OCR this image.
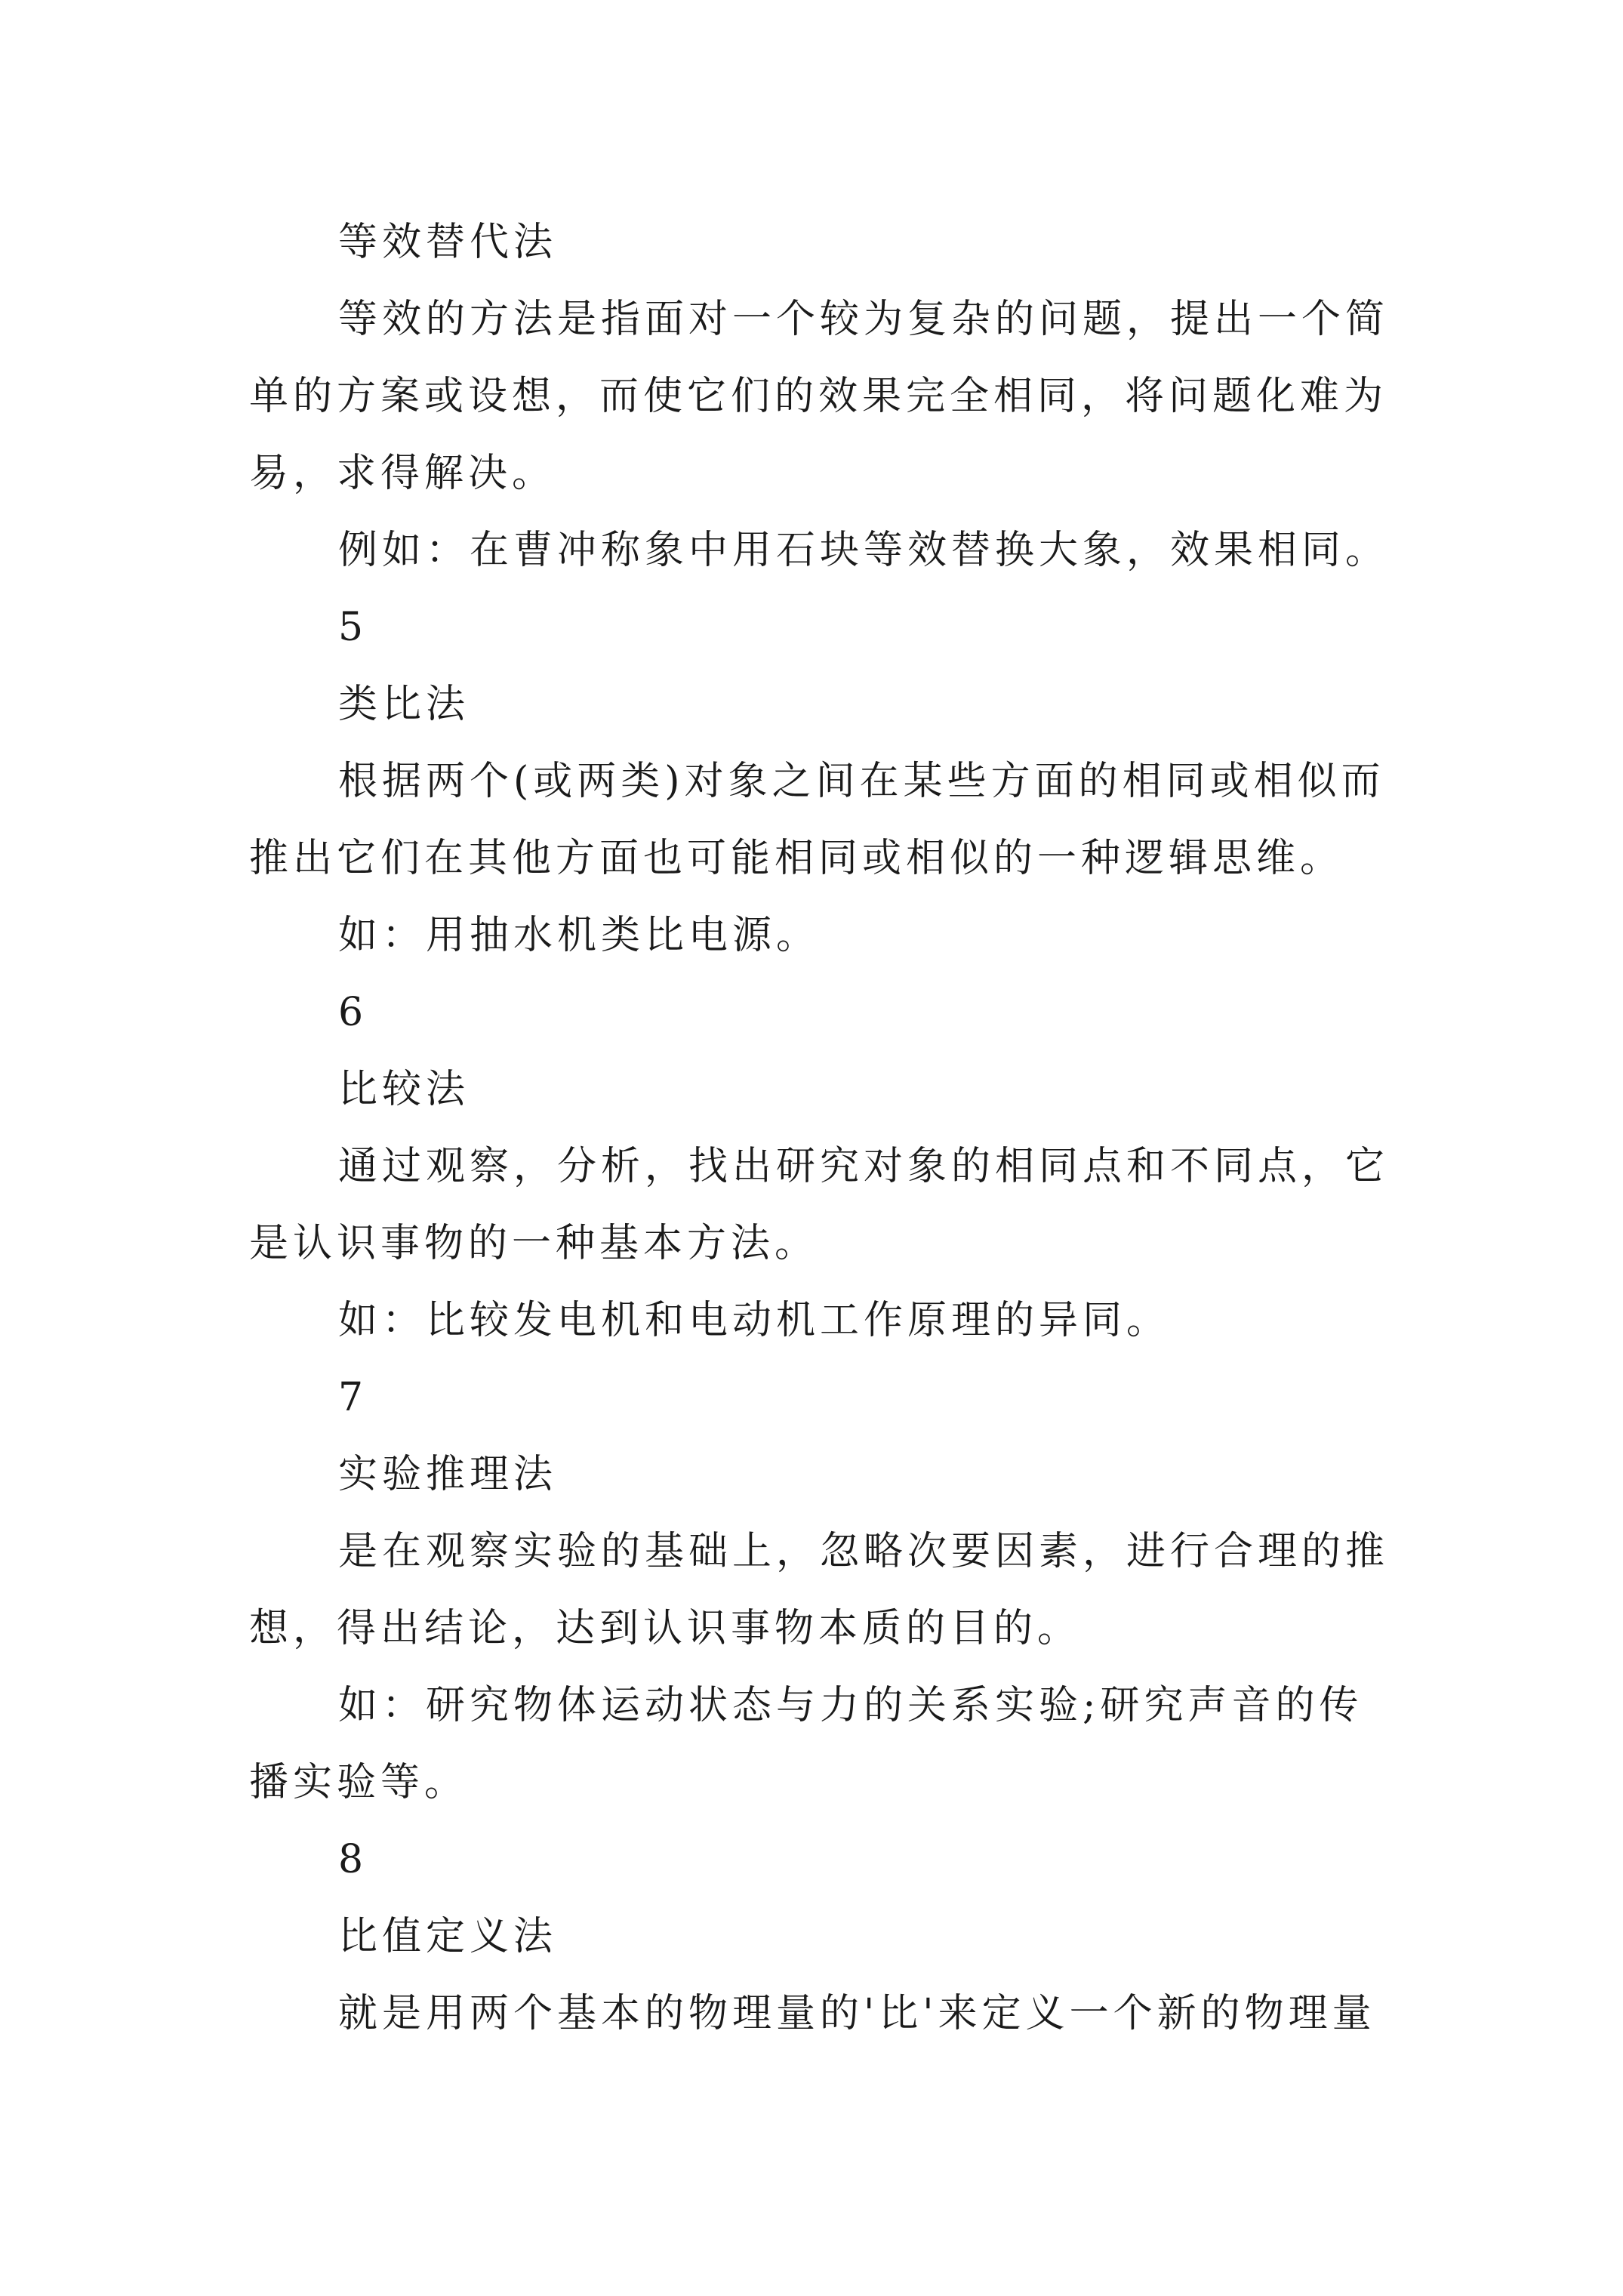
等效替代法

等效的方法是指面对一个较为复杂的问题，提出一个简单的方案或设想，而使它们的效果完全相同，将问题化难为易，求得解决。

例如：在曹冲称象中用石块等效替换大象，效果相同。

5

类比法

根据两个(或两类)对象之间在某些方面的相同或相似而推出它们在其他方面也可能相同或相似的一种逻辑思维。

如：用抽水机类比电源。

6

比较法

通过观察，分析，找出研究对象的相同点和不同点，它是认识事物的一种基本方法。

如：比较发电机和电动机工作原理的异同。

7

实验推理法

是在观察实验的基础上，忽略次要因素，进行合理的推想，得出结论，达到认识事物本质的目的。

如：研究物体运动状态与力的关系实验;研究声音的传播实验等。

8

比值定义法

就是用两个基本的物理量的'比'来定义一个新的物理量
